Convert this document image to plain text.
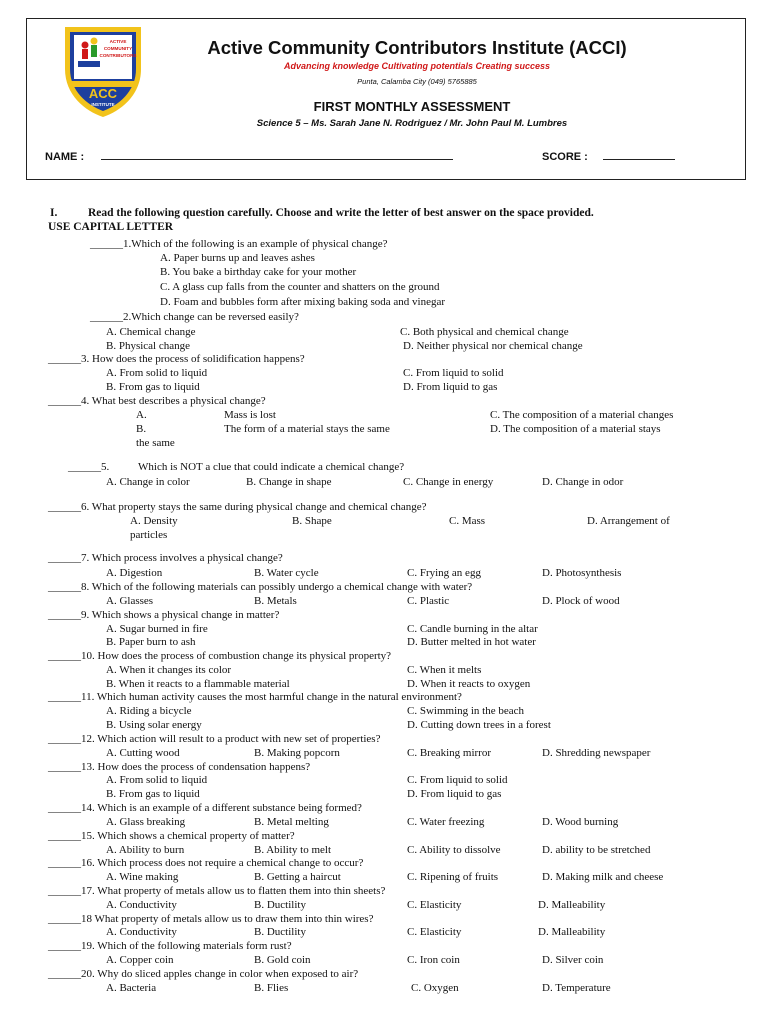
ACTIVE
COMMUNITY
CONTRIBUTORS
ACC
INSTITUTE
Active Community Contributors Institute (ACCI)
Advancing knowledge Cultivating potentials Creating success
Punta, Calamba City (049) 5765885
FIRST MONTHLY ASSESSMENT
Science 5 – Ms. Sarah Jane N. Rodriguez / Mr. John Paul M. Lumbres
NAME :	SCORE :
I.	Read the following question carefully. Choose and write the letter of best answer on the space provided.
USE CAPITAL LETTER
______1.Which of the following is an example of physical change?
A. Paper burns up and leaves ashes
B. You bake a birthday cake for your mother
C. A glass cup falls from the counter and shatters on the ground
D. Foam and bubbles form after mixing baking soda and vinegar
______2.Which change can be reversed easily?
A. Chemical change	C. Both physical and chemical change
B. Physical change	D. Neither physical nor chemical change
______3. How does the process of solidification happens?
A. From solid to liquid	C. From liquid to solid
B. From gas to liquid	D. From liquid to gas
______4. What best describes a physical change?
A.	Mass is lost	C. The composition of a material changes
B.	The form of a material stays the same	D. The composition of a material stays
the same
______5.	Which is NOT a clue that could indicate a chemical change?
A. Change in color	B. Change in shape	C. Change in energy	D. Change in odor
______6. What property stays the same during physical change and chemical change?
A. Density	B. Shape	C. Mass	D. Arrangement of
particles
______7. Which process involves a physical change?
A. Digestion	B. Water cycle	C. Frying an egg	D. Photosynthesis
______8. Which of the following materials can possibly undergo a chemical change with water?
A. Glasses	B. Metals	C. Plastic	D. Plock of wood
______9. Which shows a physical change in matter?
A. Sugar burned in fire	C. Candle burning in the altar
B. Paper burn to ash	D. Butter melted in hot water
______10. How does the process of combustion change its physical property?
A. When it changes its color	C. When it melts
B. When it reacts to a flammable material	D. When it reacts to oxygen
______11. Which human activity causes the most harmful change in the natural environment?
A. Riding a bicycle	C. Swimming in the beach
B. Using solar energy	D. Cutting down trees in a forest
______12. Which action will result to a product with new set of properties?
A. Cutting wood	B. Making popcorn	C. Breaking mirror	D. Shredding newspaper
______13. How does the process of condensation happens?
A. From solid to liquid	C. From liquid to solid
B. From gas to liquid	D. From liquid to gas
______14. Which is an example of a different substance being formed?
A. Glass breaking	B. Metal melting	C. Water freezing	D. Wood burning
______15. Which shows a chemical property of matter?
A. Ability to burn	B. Ability to melt	C. Ability to dissolve	D. ability to be stretched
______16. Which process does not require a chemical change to occur?
A. Wine making	B. Getting a haircut	C. Ripening of fruits	D. Making milk and cheese
______17. What property of metals allow us to flatten them into thin sheets?
A. Conductivity	B. Ductility	C. Elasticity	D. Malleability
______18 What property of metals allow us to draw them into thin wires?
A. Conductivity	B. Ductility	C. Elasticity	D. Malleability
______19. Which of the following materials form rust?
A. Copper coin	B. Gold coin	C. Iron coin	D. Silver coin
______20. Why do sliced apples change in color when exposed to air?
A. Bacteria	B. Flies	C. Oxygen	D. Temperature
